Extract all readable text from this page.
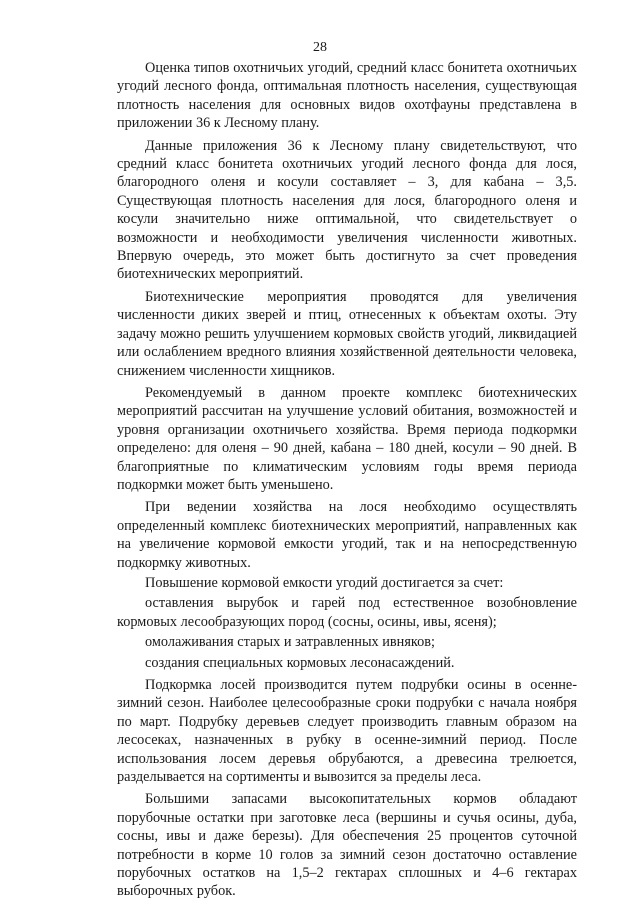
28

Оценка типов охотничьих угодий, средний класс бонитета охотничьих угодий лесного фонда, оптимальная плотность населения, существующая плотность населения для основных видов охотфауны представлена в приложении 36 к Лесному плану.

Данные приложения 36 к Лесному плану свидетельствуют, что средний класс бонитета охотничьих угодий лесного фонда для лося, благородного оленя и косули составляет – 3, для кабана – 3,5. Существующая плотность населения для лося, благородного оленя и косули значительно ниже оптимальной, что свидетельствует о возможности и необходимости увеличения численности животных. Впервую очередь, это может быть достигнуто за счет проведения биотехнических мероприятий.

Биотехнические мероприятия проводятся для увеличения численности диких зверей и птиц, отнесенных к объектам охоты. Эту задачу можно решить улучшением кормовых свойств угодий, ликвидацией или ослаблением вредного влияния хозяйственной деятельности человека, снижением численности хищников.

Рекомендуемый в данном проекте комплекс биотехнических мероприятий рассчитан на улучшение условий обитания, возможностей и уровня организации охотничьего хозяйства. Время периода подкормки определено: для оленя – 90 дней, кабана – 180 дней, косули – 90 дней. В благоприятные по климатическим условиям годы время периода подкормки может быть уменьшено.

При ведении хозяйства на лося необходимо осуществлять определенный комплекс биотехнических мероприятий, направленных как на увеличение кормовой емкости угодий, так и на непосредственную подкормку животных.

Повышение кормовой емкости угодий достигается за счет:

оставления вырубок и гарей под естественное возобновление кормовых лесообразующих пород (сосны, осины, ивы, ясеня);

омолаживания старых и затравленных ивняков;

создания специальных кормовых лесонасаждений.

Подкормка лосей производится путем подрубки осины в осенне-зимний сезон. Наиболее целесообразные сроки подрубки с начала ноября по март. Подрубку деревьев следует производить главным образом на лесосеках, назначенных в рубку в осенне-зимний период. После использования лосем деревья обрубаются, а древесина трелюется, разделывается на сортименты и вывозится за пределы леса.

Большими запасами высокопитательных кормов обладают порубочные остатки при заготовке леса (вершины и сучья осины, дуба, сосны, ивы и даже березы). Для обеспечения 25 процентов суточной потребности в корме 10 голов за зимний сезон достаточно оставление порубочных остатков на 1,5–2 гектарах сплошных и 4–6 гектарах выборочных рубок.
